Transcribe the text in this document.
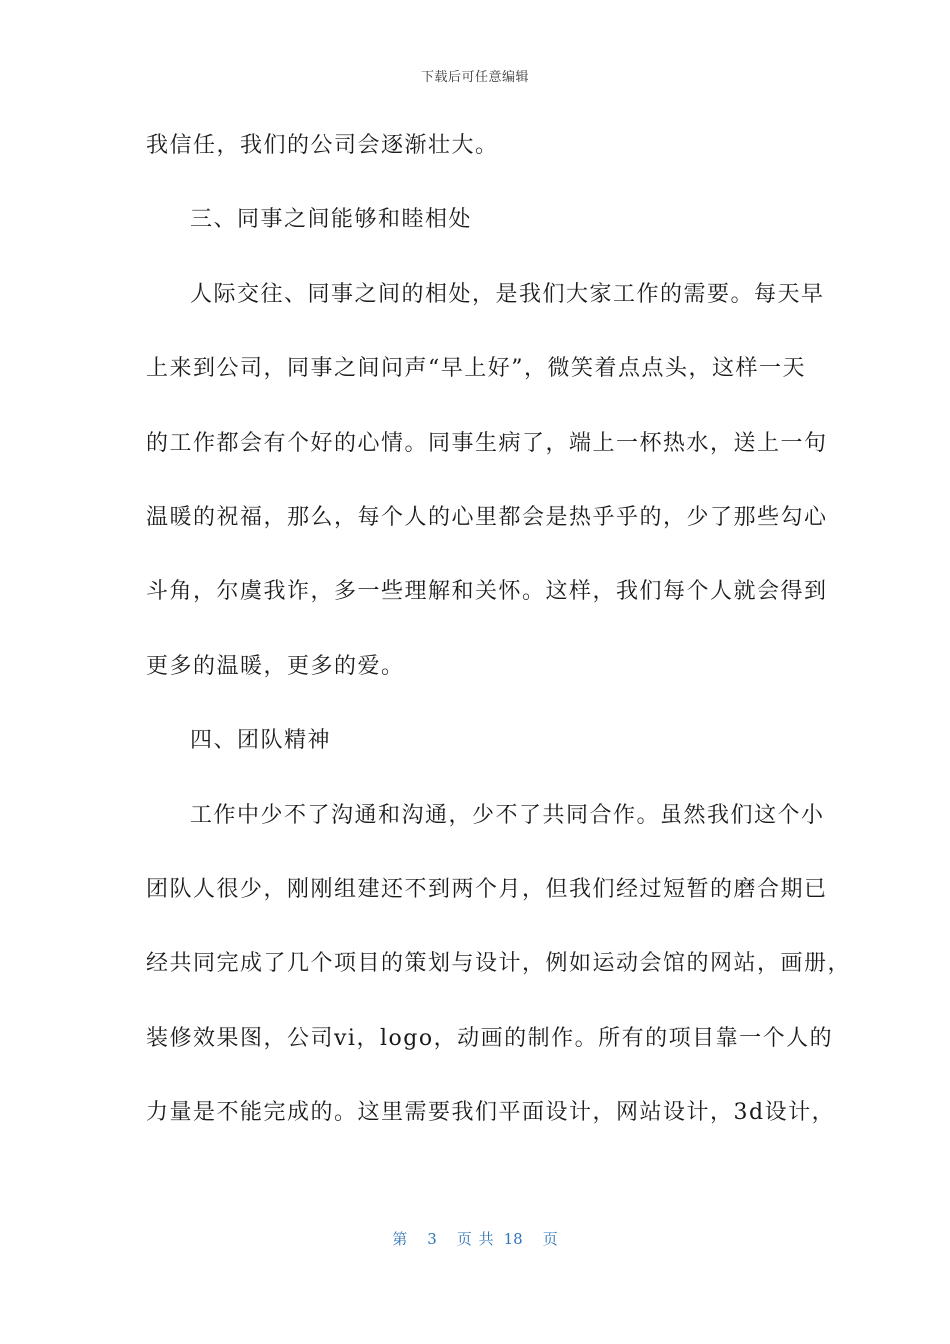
下载后可任意编辑
我信任，我们的公司会逐渐壮大。
三、同事之间能够和睦相处
人际交往、同事之间的相处，是我们大家工作的需要。每天早
上来到公司，同事之间问声“早上好”，微笑着点点头，这样一天
的工作都会有个好的心情。同事生病了，端上一杯热水，送上一句
温暖的祝福，那么，每个人的心里都会是热乎乎的，少了那些勾心
斗角，尔虞我诈，多一些理解和关怀。这样，我们每个人就会得到
更多的温暖，更多的爱。
四、团队精神
工作中少不了沟通和沟通，少不了共同合作。虽然我们这个小
团队人很少，刚刚组建还不到两个月，但我们经过短暂的磨合期已
经共同完成了几个项目的策划与设计，例如运动会馆的网站，画册，
装修效果图，公司vi，logo，动画的制作。所有的项目靠一个人的
力量是不能完成的。这里需要我们平面设计，网站设计，3d设计，
第 3 页 共 18 页
